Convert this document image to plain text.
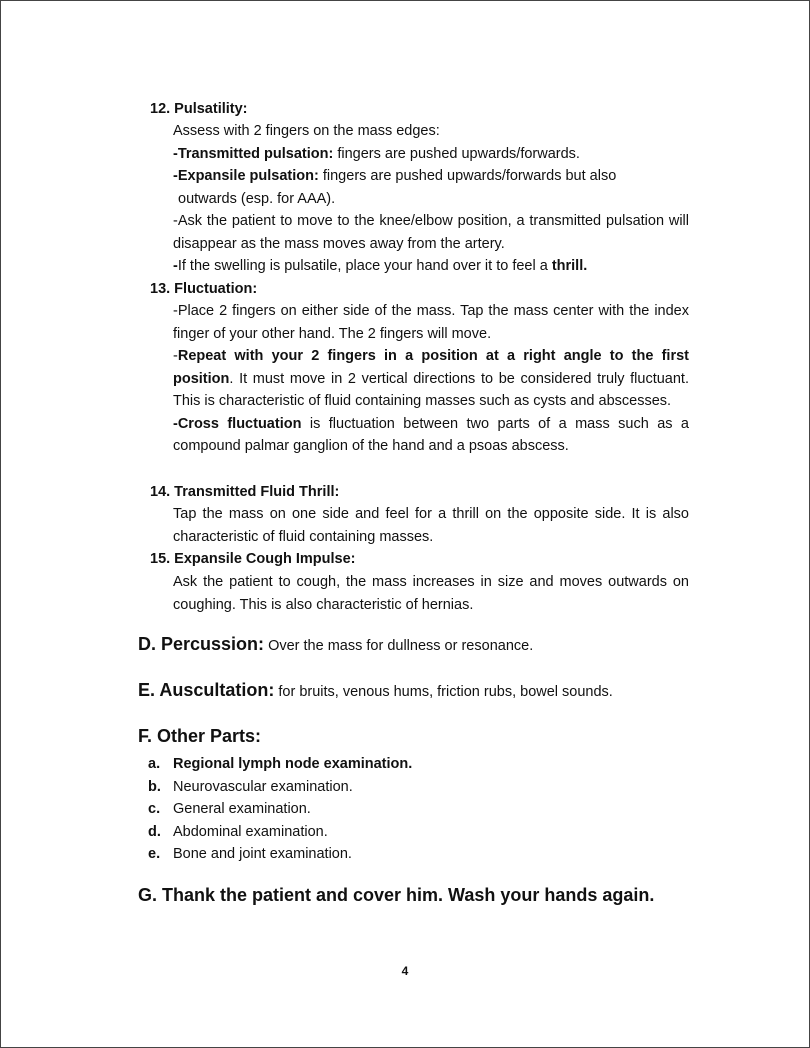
12. Pulsatility:

Assess with 2 fingers on the mass edges:

-Transmitted pulsation: fingers are pushed upwards/forwards.

-Expansile pulsation: fingers are pushed upwards/forwards but also

outwards (esp. for AAA).

-Ask the patient to move to the knee/elbow position, a transmitted pulsation will disappear as the mass moves away from the artery.

-If the swelling is pulsatile, place your hand over it to feel a thrill.

13. Fluctuation:

-Place 2 fingers on either side of the mass. Tap the mass center with the index finger of your other hand. The 2 fingers will move.

-Repeat with your 2 fingers in a position at a right angle to the first position. It must move in 2 vertical directions to be considered truly fluctuant. This is characteristic of fluid containing masses such as cysts and abscesses.

-Cross fluctuation is fluctuation between two parts of a mass such as a compound palmar ganglion of the hand and a psoas abscess.

14. Transmitted Fluid Thrill:

Tap the mass on one side and feel for a thrill on the opposite side. It is also characteristic of fluid containing masses.

15. Expansile Cough Impulse:

Ask the patient to cough, the mass increases in size and moves outwards on coughing. This is also characteristic of hernias.

D. Percussion: Over the mass for dullness or resonance.
E. Auscultation: for bruits, venous hums, friction rubs, bowel sounds.
F. Other Parts:
a. Regional lymph node examination.
b. Neurovascular examination.
c. General examination.
d. Abdominal examination.
e. Bone and joint examination.
G. Thank the patient and cover him. Wash your hands again.
4
